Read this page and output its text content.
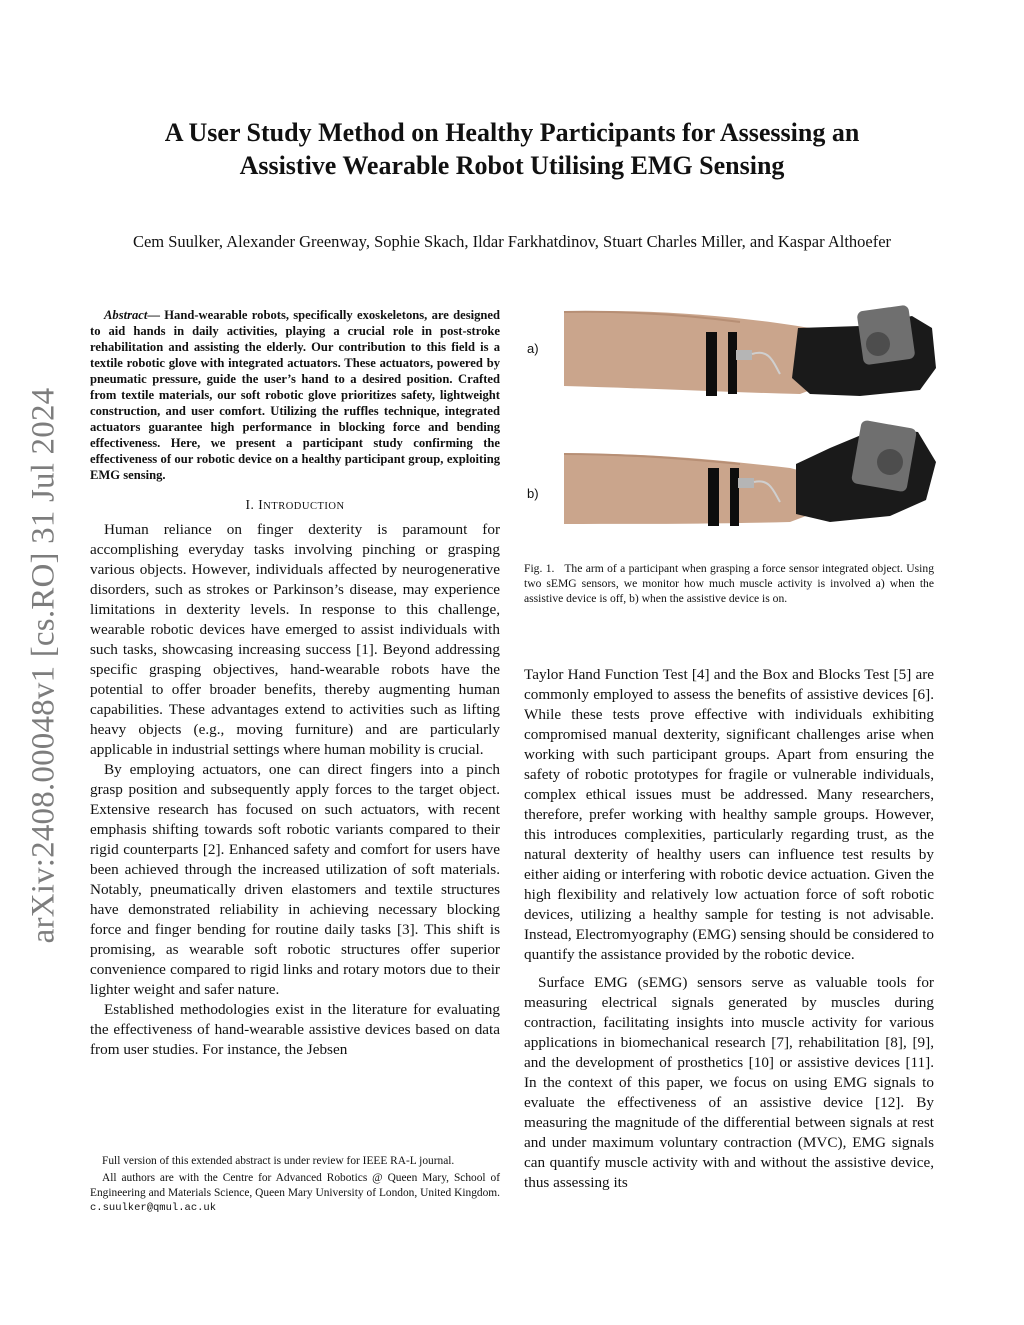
arXiv:2408.00048v1 [cs.RO] 31 Jul 2024
A User Study Method on Healthy Participants for Assessing an
Assistive Wearable Robot Utilising EMG Sensing
Cem Suulker, Alexander Greenway, Sophie Skach, Ildar Farkhatdinov, Stuart Charles Miller, and Kaspar Althoefer

Abstract— Hand-wearable robots, specifically exoskeletons, are designed to aid hands in daily activities, playing a crucial role in post-stroke rehabilitation and assisting the elderly. Our contribution to this field is a textile robotic glove with integrated actuators. These actuators, powered by pneumatic pressure, guide the user’s hand to a desired position. Crafted from textile materials, our soft robotic glove prioritizes safety, lightweight construction, and user comfort. Utilizing the ruffles technique, integrated actuators guarantee high performance in blocking force and bending effectiveness. Here, we present a participant study confirming the effectiveness of our robotic device on a healthy participant group, exploiting EMG sensing.

I. INTRODUCTION

Human reliance on finger dexterity is paramount for accomplishing everyday tasks involving pinching or grasping various objects. However, individuals affected by neurogenerative disorders, such as strokes or Parkinson’s disease, may experience limitations in dexterity levels. In response to this challenge, wearable robotic devices have emerged to assist individuals with such tasks, showcasing increasing success [1]. Beyond addressing specific grasping objectives, hand-wearable robots have the potential to offer broader benefits, thereby augmenting human capabilities. These advantages extend to activities such as lifting heavy objects (e.g., moving furniture) and are particularly applicable in industrial settings where human mobility is crucial.

By employing actuators, one can direct fingers into a pinch grasp position and subsequently apply forces to the target object. Extensive research has focused on such actuators, with recent emphasis shifting towards soft robotic variants compared to their rigid counterparts [2]. Enhanced safety and comfort for users have been achieved through the increased utilization of soft materials. Notably, pneumatically driven elastomers and textile structures have demonstrated reliability in achieving necessary blocking force and finger bending for routine daily tasks [3]. This shift is promising, as wearable soft robotic structures offer superior convenience compared to rigid links and rotary motors due to their lighter weight and safer nature.

Established methodologies exist in the literature for evaluating the effectiveness of hand-wearable assistive devices based on data from user studies. For instance, the Jebsen

Full version of this extended abstract is under review for IEEE RA-L journal.

All authors are with the Centre for Advanced Robotics @ Queen Mary, School of Engineering and Materials Science, Queen Mary University of London, United Kingdom. c.suulker@qmul.ac.uk

a)
b)
Fig. 1. The arm of a participant when grasping a force sensor integrated object. Using two sEMG sensors, we monitor how much muscle activity is involved a) when the assistive device is off, b) when the assistive device is on.

Taylor Hand Function Test [4] and the Box and Blocks Test [5] are commonly employed to assess the benefits of assistive devices [6]. While these tests prove effective with individuals exhibiting compromised manual dexterity, significant challenges arise when working with such participant groups. Apart from ensuring the safety of robotic prototypes for fragile or vulnerable individuals, complex ethical issues must be addressed. Many researchers, therefore, prefer working with healthy sample groups. However, this introduces complexities, particularly regarding trust, as the natural dexterity of healthy users can influence test results by either aiding or interfering with robotic device actuation. Given the high flexibility and relatively low actuation force of soft robotic devices, utilizing a healthy sample for testing is not advisable. Instead, Electromyography (EMG) sensing should be considered to quantify the assistance provided by the robotic device.

Surface EMG (sEMG) sensors serve as valuable tools for measuring electrical signals generated by muscles during contraction, facilitating insights into muscle activity for various applications in biomechanical research [7], rehabilitation [8], [9], and the development of prosthetics [10] or assistive devices [11]. In the context of this paper, we focus on using EMG signals to evaluate the effectiveness of an assistive device [12]. By measuring the magnitude of the differential between signals at rest and under maximum voluntary contraction (MVC), EMG signals can quantify muscle activity with and without the assistive device, thus assessing its
